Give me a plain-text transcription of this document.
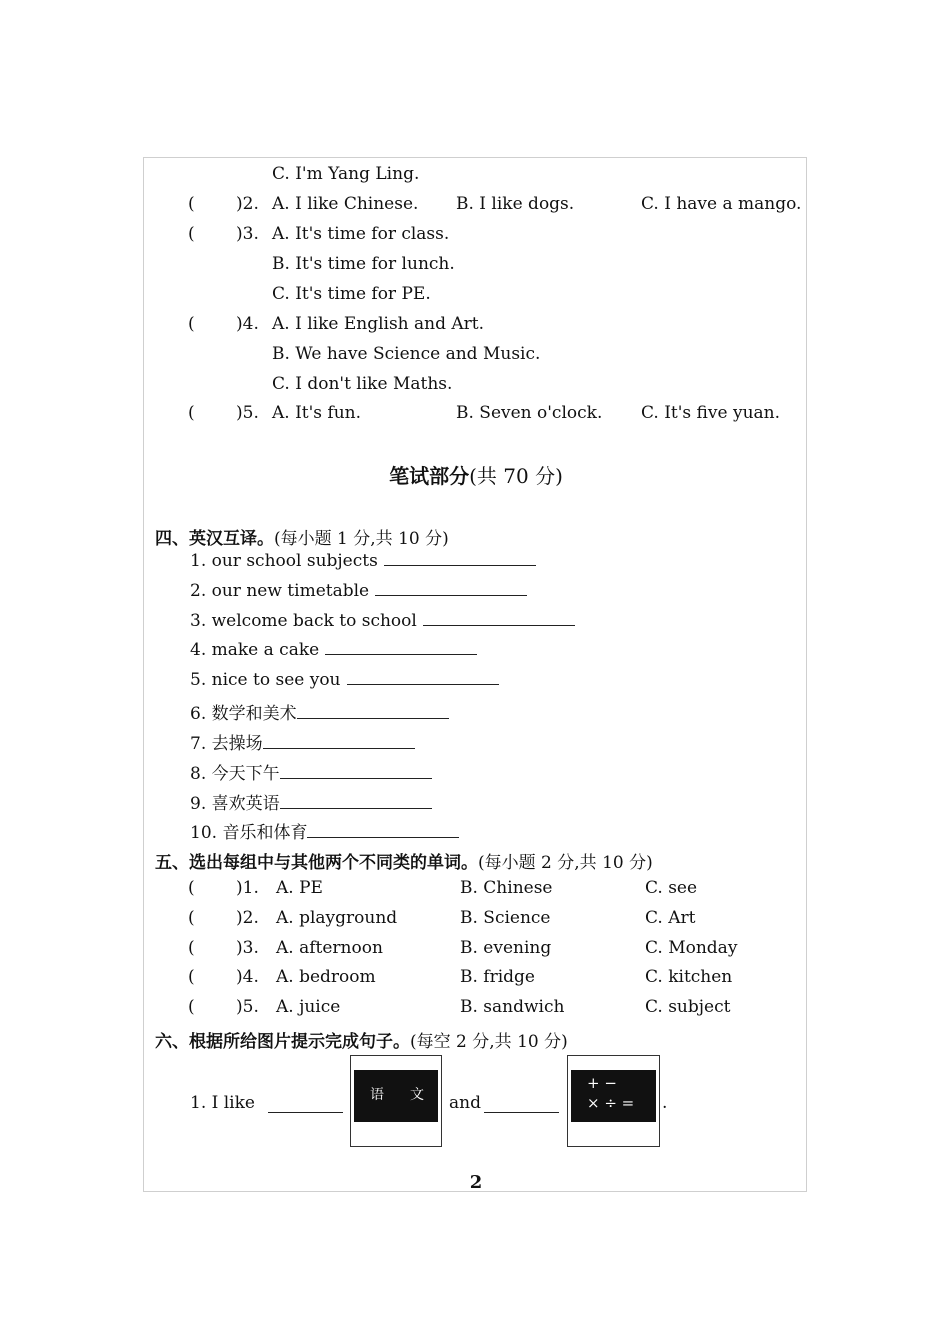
C. I'm Yang Ling.
( )2. A. I like Chinese. B. I like dogs.	C. I have a mango.
( )3. A. It's time for class.
B. It's time for lunch.
C. It's time for PE.
( )4. A. I like English and Art.
B. We have Science and Music.
C. I don't like Maths.
( )5. A. It's fun.	B. Seven o'clock. C. It's five yuan.
笔试部分(共 70 分)
四、英汉互译。(每小题 1 分,共 10 分)
1. our school subjects
2. our new timetable
3. welcome back to school
4. make a cake
5. nice to see you
6. 数学和美术
7. 去操场
8. 今天下午
9. 喜欢英语
10. 音乐和体育
五、选出每组中与其他两个不同类的单词。(每小题 2 分,共 10 分)
( )1. A. PE	B. Chinese	C. see
( )2. A. playground	B. Science	C. Art
( )3. A. afternoon	B. evening	C. Monday
( )4. A. bedroom	B. fridge	C. kitchen
( )5. A. juice	B. sandwich	C. subject
六、根据所给图片提示完成句子。(每空 2 分,共 10 分)
1. I like	语 文 and
+ −
× ÷ = .
2
